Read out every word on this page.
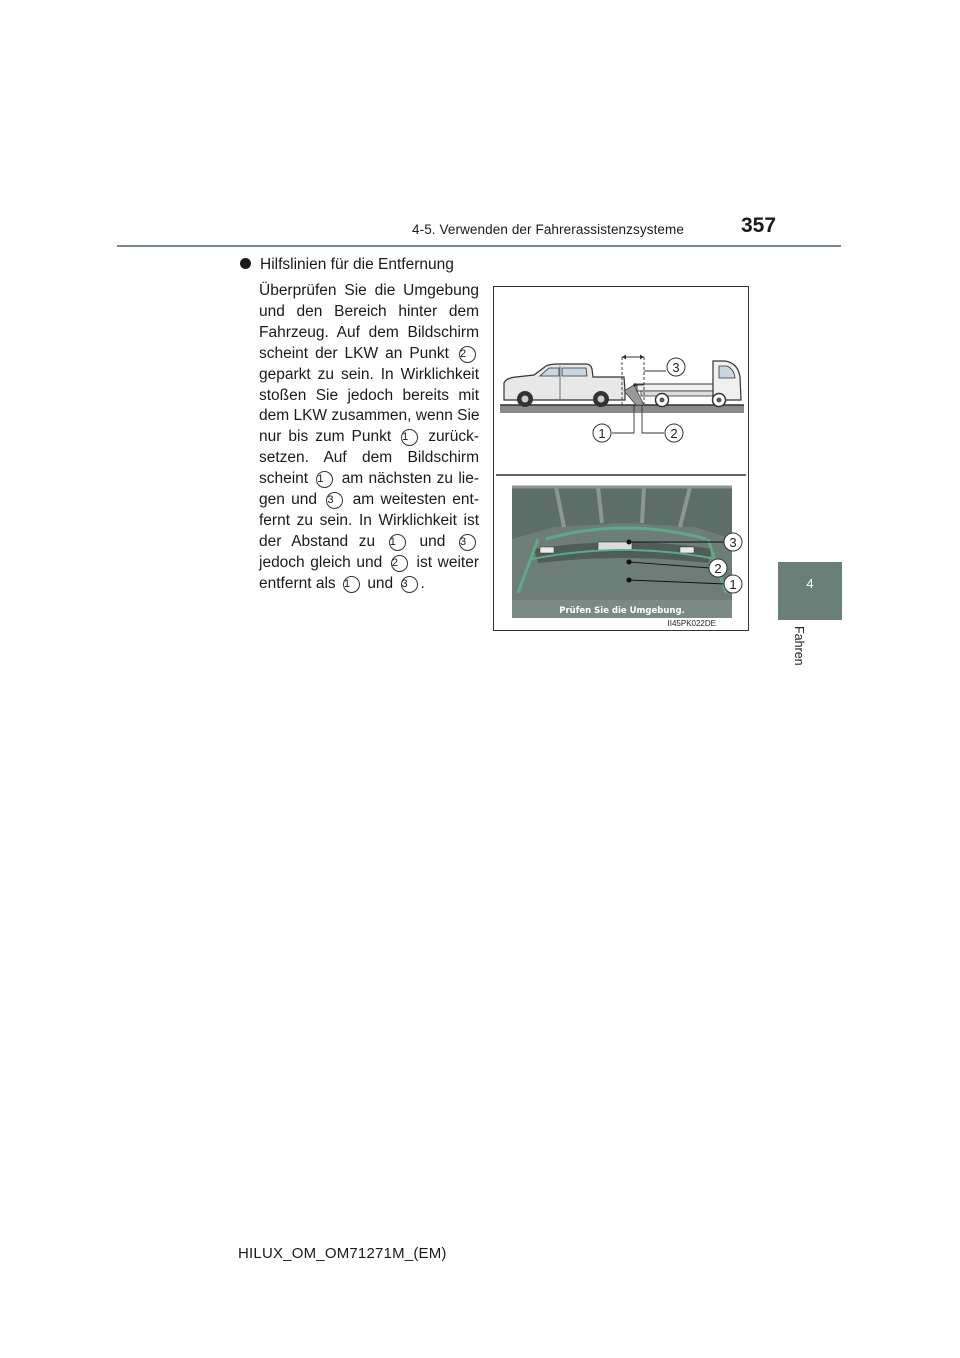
4-5. Verwenden der Fahrerassistenzsysteme	357
4
Fahren
Hilfslinien für die Entfernung
Überprüfen Sie die Umgebung
und den Bereich hinter dem
Fahrzeug. Auf dem Bildschirm
scheint der LKW an Punkt 2
geparkt zu sein. In Wirklichkeit
stoßen Sie jedoch bereits mit
dem LKW zusammen, wenn Sie
nur bis zum Punkt 1 zurück-
setzen. Auf dem Bildschirm
scheint 1 am nächsten zu lie-
gen und 3 am weitesten ent-
fernt zu sein. In Wirklichkeit ist
der Abstand zu 1 und 3
jedoch gleich und 2 ist weiter
entfernt als 1 und 3 .
3
1	2
Prüfen Sie die Umgebung.
3
2
1
II45PK022DE
HILUX_OM_OM71271M_(EM)
